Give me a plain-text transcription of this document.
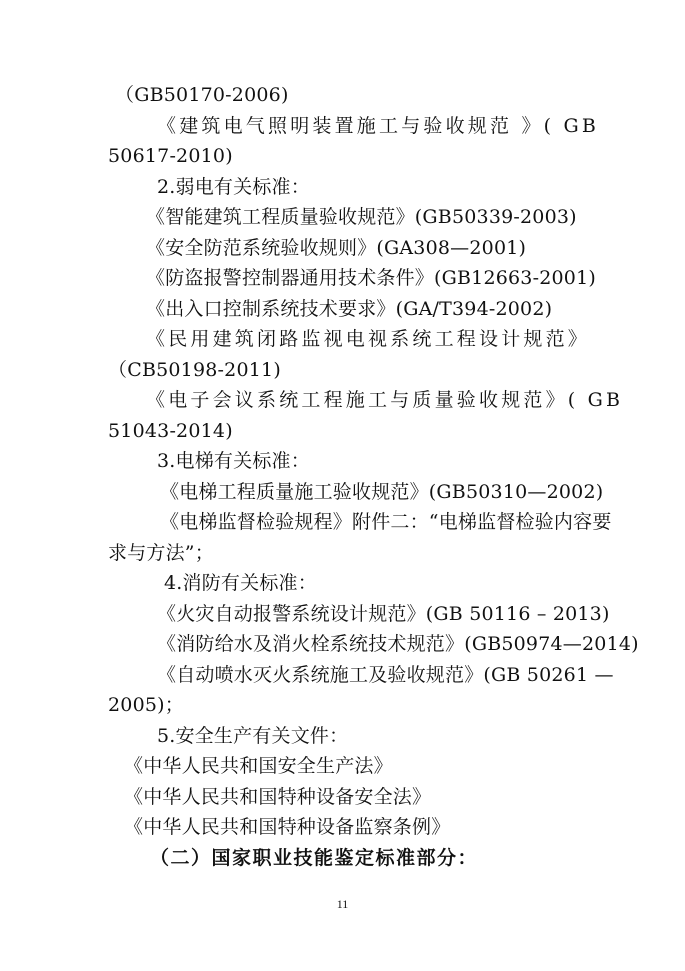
（GB50170-2006)
《建筑电气照明装置施工与验收规范 》( GB
50617-2010)
2.弱电有关标准：
《智能建筑工程质量验收规范》(GB50339-2003)
《安全防范系统验收规则》(GA308—2001)
《防盗报警控制器通用技术条件》(GB12663-2001)
《出入口控制系统技术要求》(GA/T394-2002)
《民用建筑闭路监视电视系统工程设计规范》
（CB50198-2011)
《电子会议系统工程施工与质量验收规范》( GB
51043-2014)
3.电梯有关标准：
《电梯工程质量施工验收规范》(GB50310—2002)
《电梯监督检验规程》附件二：“电梯监督检验内容要
求与方法”；
4.消防有关标准：
《火灾自动报警系统设计规范》(GB 50116 – 2013)
《消防给水及消火栓系统技术规范》(GB50974—2014)
《自动喷水灭火系统施工及验收规范》(GB 50261 —
2005)；
5.安全生产有关文件：
《中华人民共和国安全生产法》
《中华人民共和国特种设备安全法》
《中华人民共和国特种设备监察条例》
（二）国家职业技能鉴定标准部分：
11
